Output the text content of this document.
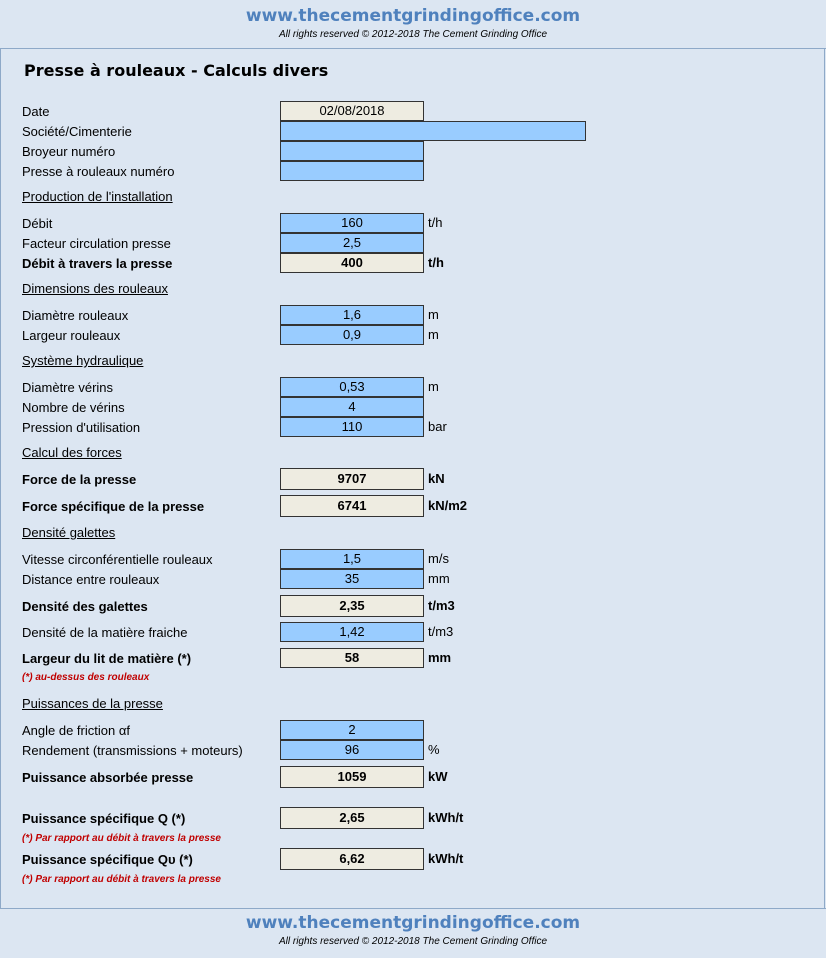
www.thecementgrindingoffice.com
All rights reserved © 2012-2018 The Cement Grinding Office
Presse à rouleaux - Calculs divers
Date	02/08/2018
Société/Cimenterie
Broyeur numéro
Presse à rouleaux numéro
Production de l'installation
Débit	160	t/h
Facteur circulation presse	2,5
Débit à travers la presse	400	t/h
Dimensions des rouleaux
Diamètre rouleaux	1,6	m
Largeur rouleaux	0,9	m
Système hydraulique
Diamètre vérins	0,53	m
Nombre de vérins	4
Pression d'utilisation	110	bar
Calcul des forces
Force de la presse	9707	kN
Force spécifique de la presse	6741	kN/m2
Densité galettes
Vitesse circonférentielle rouleaux	1,5	m/s
Distance entre rouleaux	35	mm
Densité des galettes	2,35	t/m3
Densité de la matière fraiche	1,42	t/m3
Largeur du lit de matière (*)	58	mm
(*) au-dessus des rouleaux
Puissances de la presse
Angle de friction αf	2
Rendement (transmissions + moteurs)	96	%
Puissance absorbée presse	1059	kW
Puissance spécifique Q (*)	2,65	kWh/t
(*) Par rapport au débit à travers la presse
Puissance spécifique Qᴜ (*)	6,62	kWh/t
(*) Par rapport au débit à travers la presse
www.thecementgrindingoffice.com
All rights reserved © 2012-2018 The Cement Grinding Office
